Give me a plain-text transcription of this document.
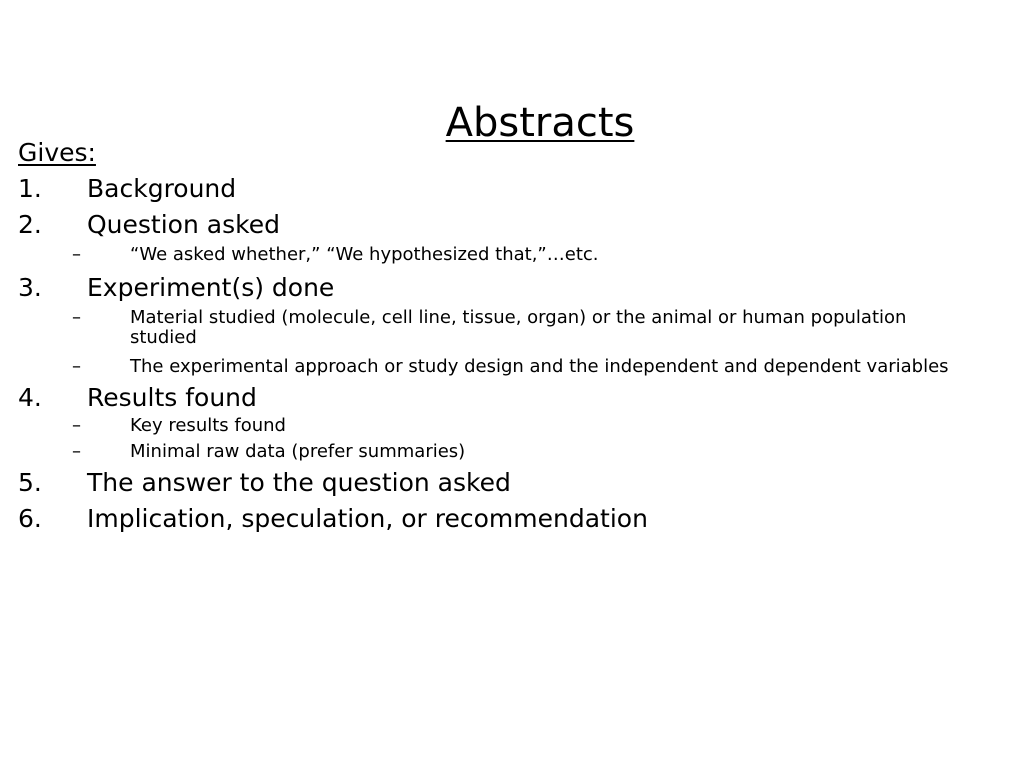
Abstracts

Gives:

1. Background

2. Question asked

–	“We asked whether,” “We hypothesized that,”…etc.

3. Experiment(s) done

–	Material studied (molecule, cell line, tissue, organ) or the animal or human population studied

–	The experimental approach or study design and the independent and dependent variables

4. Results found

–	Key results found

–	Minimal raw data (prefer summaries)

5. The answer to the question asked

6. Implication, speculation, or recommendation
